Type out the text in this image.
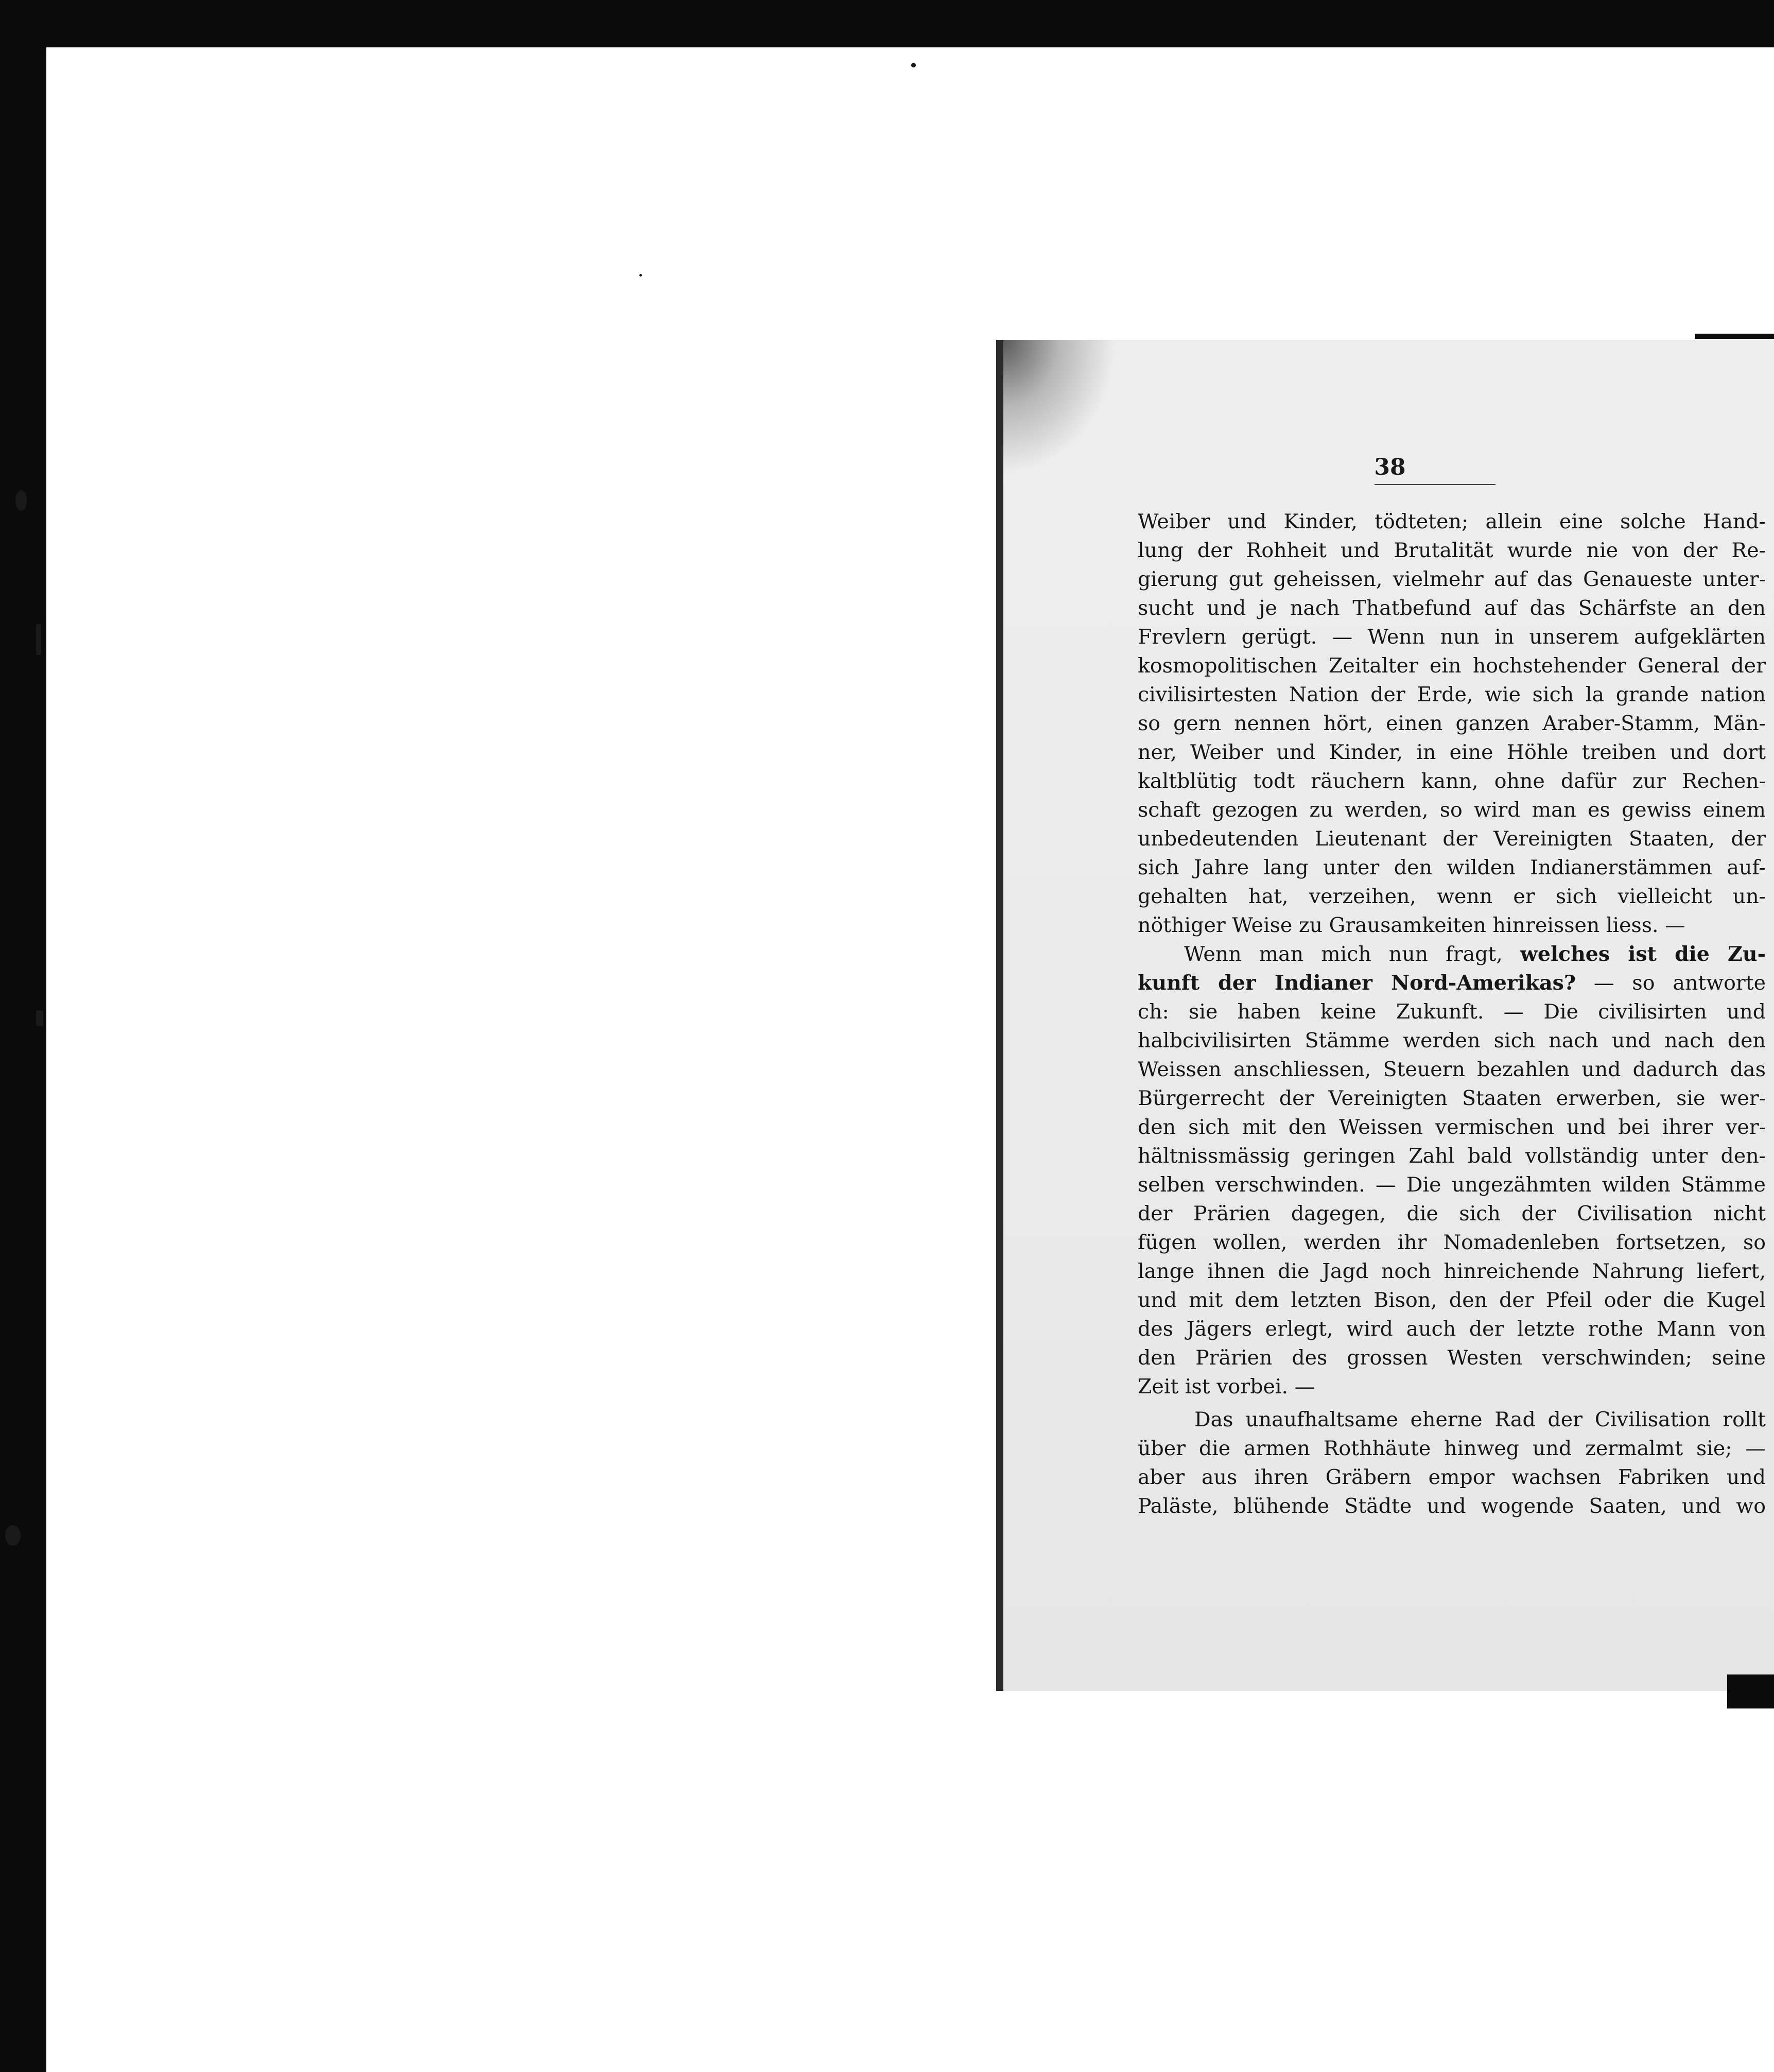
38
Weiber und Kinder, tödteten; allein eine solche Hand-
lung der Rohheit und Brutalität wurde nie von der Re-
gierung gut geheissen, vielmehr auf das Genaueste unter-
sucht und je nach Thatbefund auf das Schärfste an den
Frevlern gerügt. — Wenn nun in unserem aufgeklärten
kosmopolitischen Zeitalter ein hochstehender General der
civilisirtesten Nation der Erde, wie sich la grande nation
so gern nennen hört, einen ganzen Araber-Stamm, Män-
ner, Weiber und Kinder, in eine Höhle treiben und dort
kaltblütig todt räuchern kann, ohne dafür zur Rechen-
schaft gezogen zu werden, so wird man es gewiss einem
unbedeutenden Lieutenant der Vereinigten Staaten, der
sich Jahre lang unter den wilden Indianerstämmen auf-
gehalten hat, verzeihen, wenn er sich vielleicht un-
nöthiger Weise zu Grausamkeiten hinreissen liess. —
Wenn man mich nun fragt, welches ist die Zu-
kunft der Indianer Nord-Amerikas? — so antworte
ch: sie haben keine Zukunft. — Die civilisirten und
halbcivilisirten Stämme werden sich nach und nach den
Weissen anschliessen, Steuern bezahlen und dadurch das
Bürgerrecht der Vereinigten Staaten erwerben, sie wer-
den sich mit den Weissen vermischen und bei ihrer ver-
hältnissmässig geringen Zahl bald vollständig unter den-
selben verschwinden. — Die ungezähmten wilden Stämme
der Prärien dagegen, die sich der Civilisation nicht
fügen wollen, werden ihr Nomadenleben fortsetzen, so
lange ihnen die Jagd noch hinreichende Nahrung liefert,
und mit dem letzten Bison, den der Pfeil oder die Kugel
des Jägers erlegt, wird auch der letzte rothe Mann von
den Prärien des grossen Westen verschwinden; seine
Zeit ist vorbei. —
Das unaufhaltsame eherne Rad der Civilisation rollt
über die armen Rothhäute hinweg und zermalmt sie; —
aber aus ihren Gräbern empor wachsen Fabriken und
Paläste, blühende Städte und wogende Saaten, und wo
